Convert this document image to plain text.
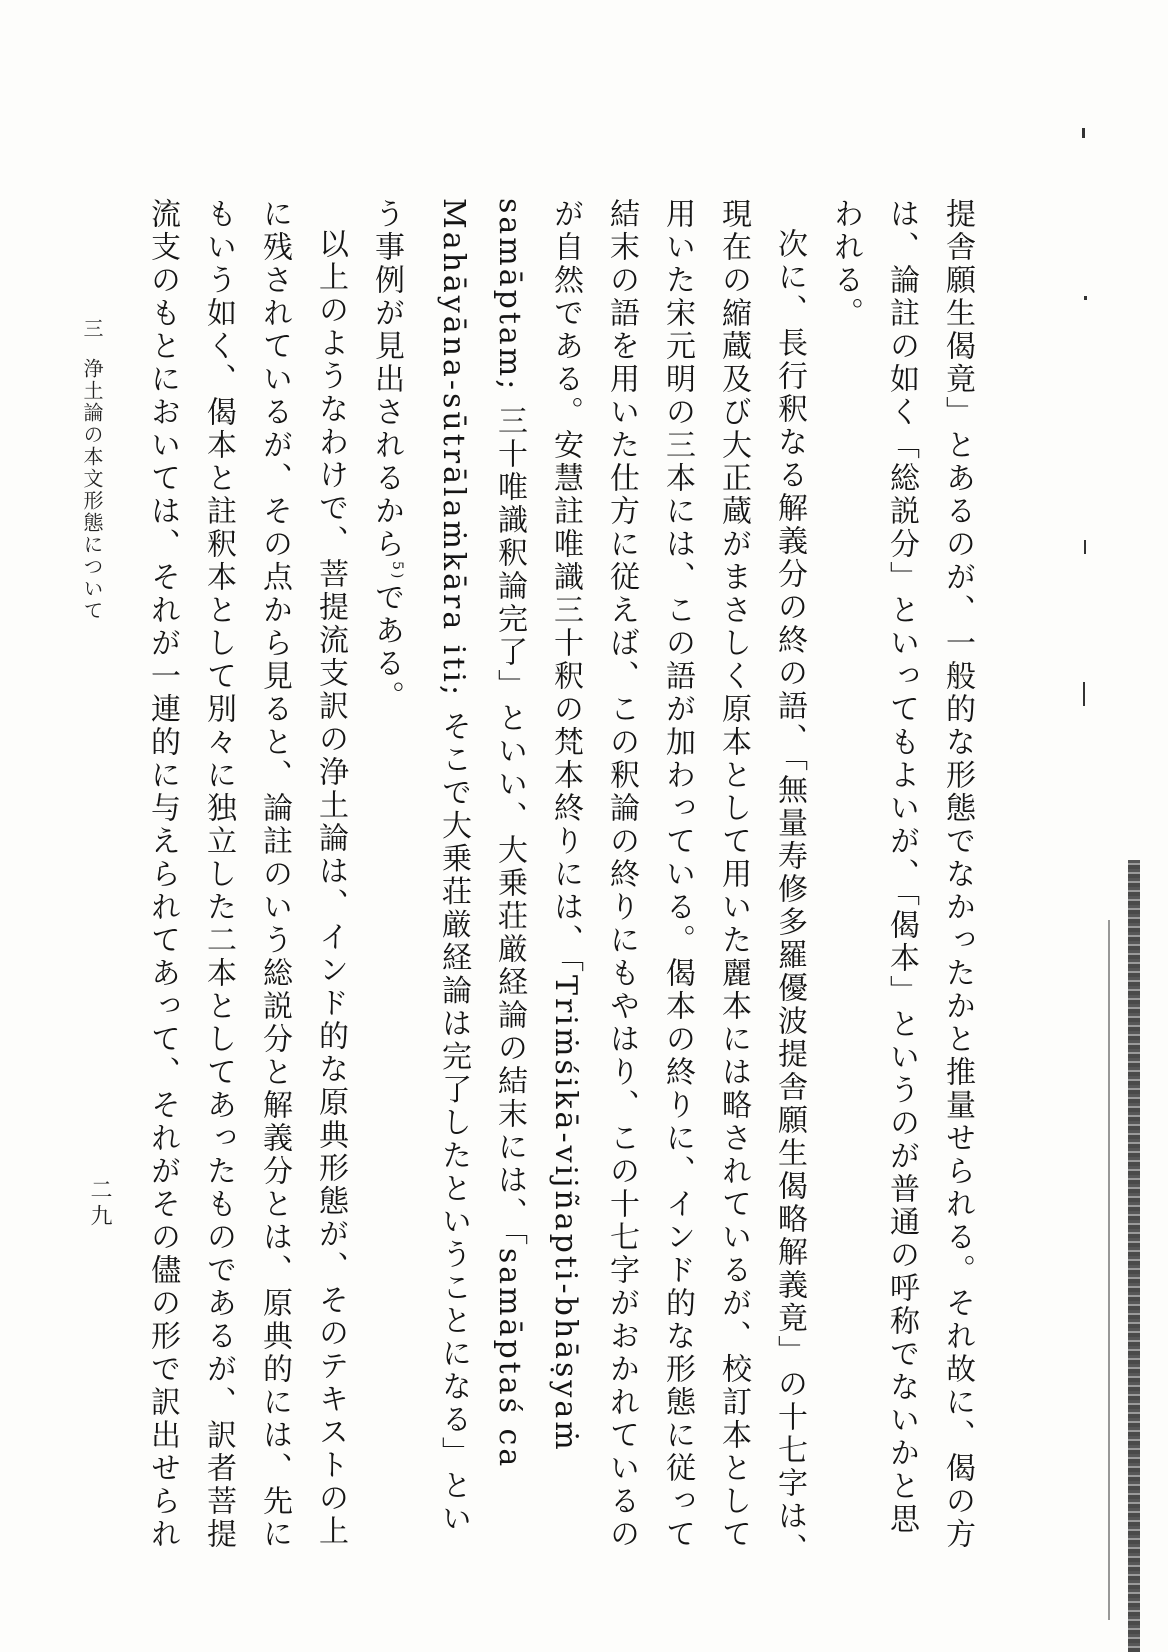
提舎願生偈竟」とあるのが、一般的な形態でなかったかと推量せられる。それ故に、偈の方は、論註の如く「総説分」といってもよいが、「偈本」というのが普通の呼称でないかと思われる。

次に、長行釈なる解義分の終の語、「無量寿修多羅優波提舎願生偈略解義竟」の十七字は、現在の縮蔵及び大正蔵がまさしく原本として用いた麗本には略されているが、校訂本として用いた宋元明の三本には、この語が加わっている。偈本の終りに、インド的な形態に従って結末の語を用いた仕方に従えば、この釈論の終りにもやはり、この十七字がおかれているのが自然である。安慧註唯識三十釈の梵本終りには、「Triṁśikā-vijñapti-bhāṣyaṁ samāptam; 三十唯識釈論完了」といい、大乗荘厳経論の結末には、「samāptaś ca Mahāyāna-sūtrālaṁkāra iti; そこで大乗荘厳経論は完了したということになる」という事例が見出されるから$^{5)}$である。

以上のようなわけで、菩提流支訳の浄土論は、インド的な原典形態が、そのテキストの上に残されているが、その点から見ると、論註のいう総説分と解義分とは、原典的には、先にもいう如く、偈本と註釈本として別々に独立した二本としてあったものであるが、訳者菩提流支のもとにおいては、それが一連的に与えられてあって、それがその儘の形で訳出せられ

三浄土論の本文形態について
二九
